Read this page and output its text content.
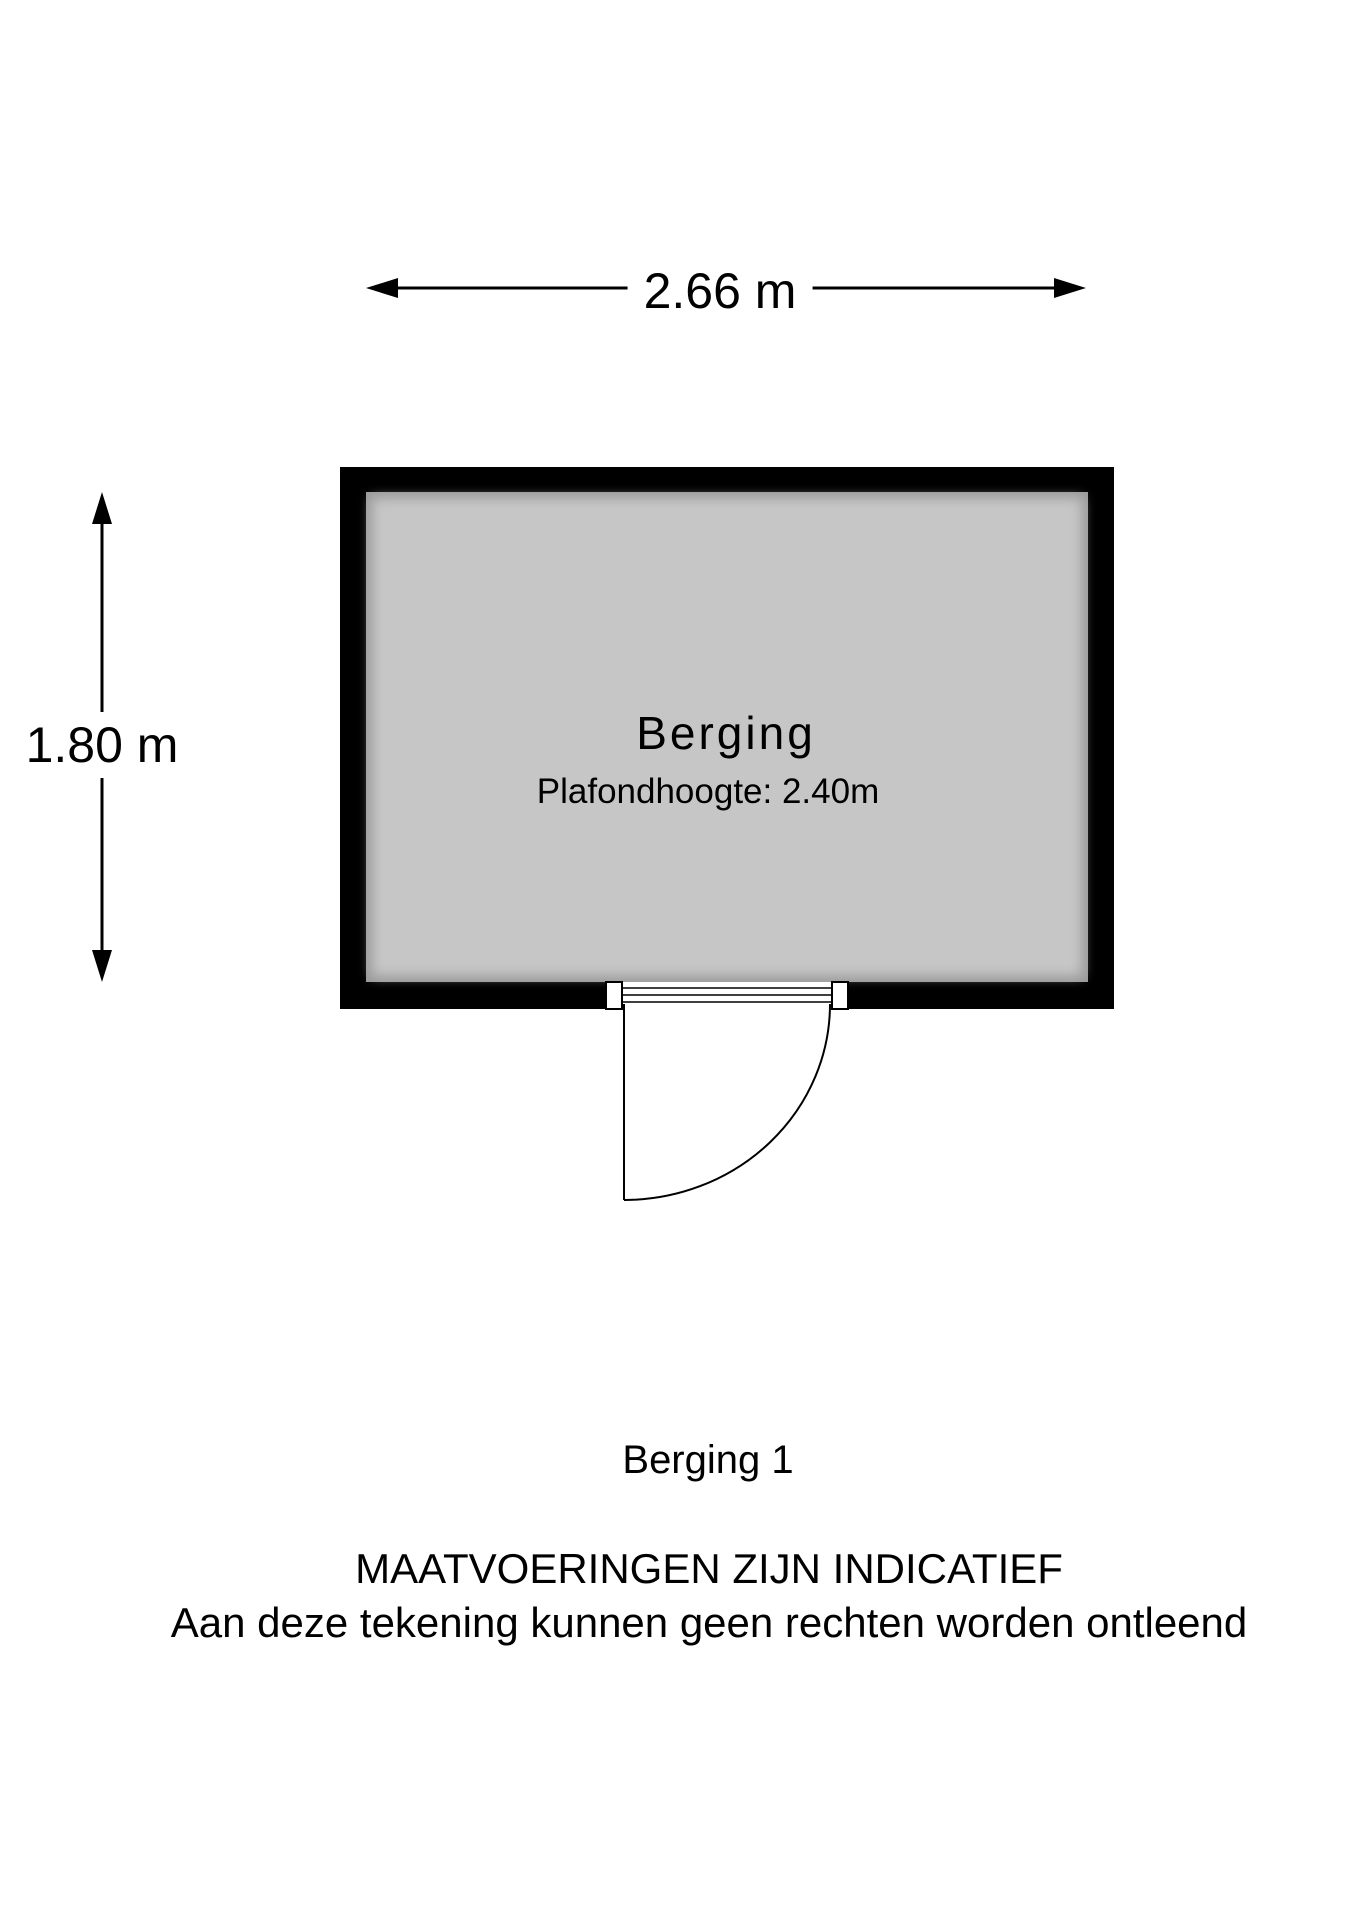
2.66 m
1.80 m	Berging
Plafondhoogte: 2.40m
Berging 1
MAATVOERINGEN ZIJN INDICATIEF
Aan deze tekening kunnen geen rechten worden ontleend
